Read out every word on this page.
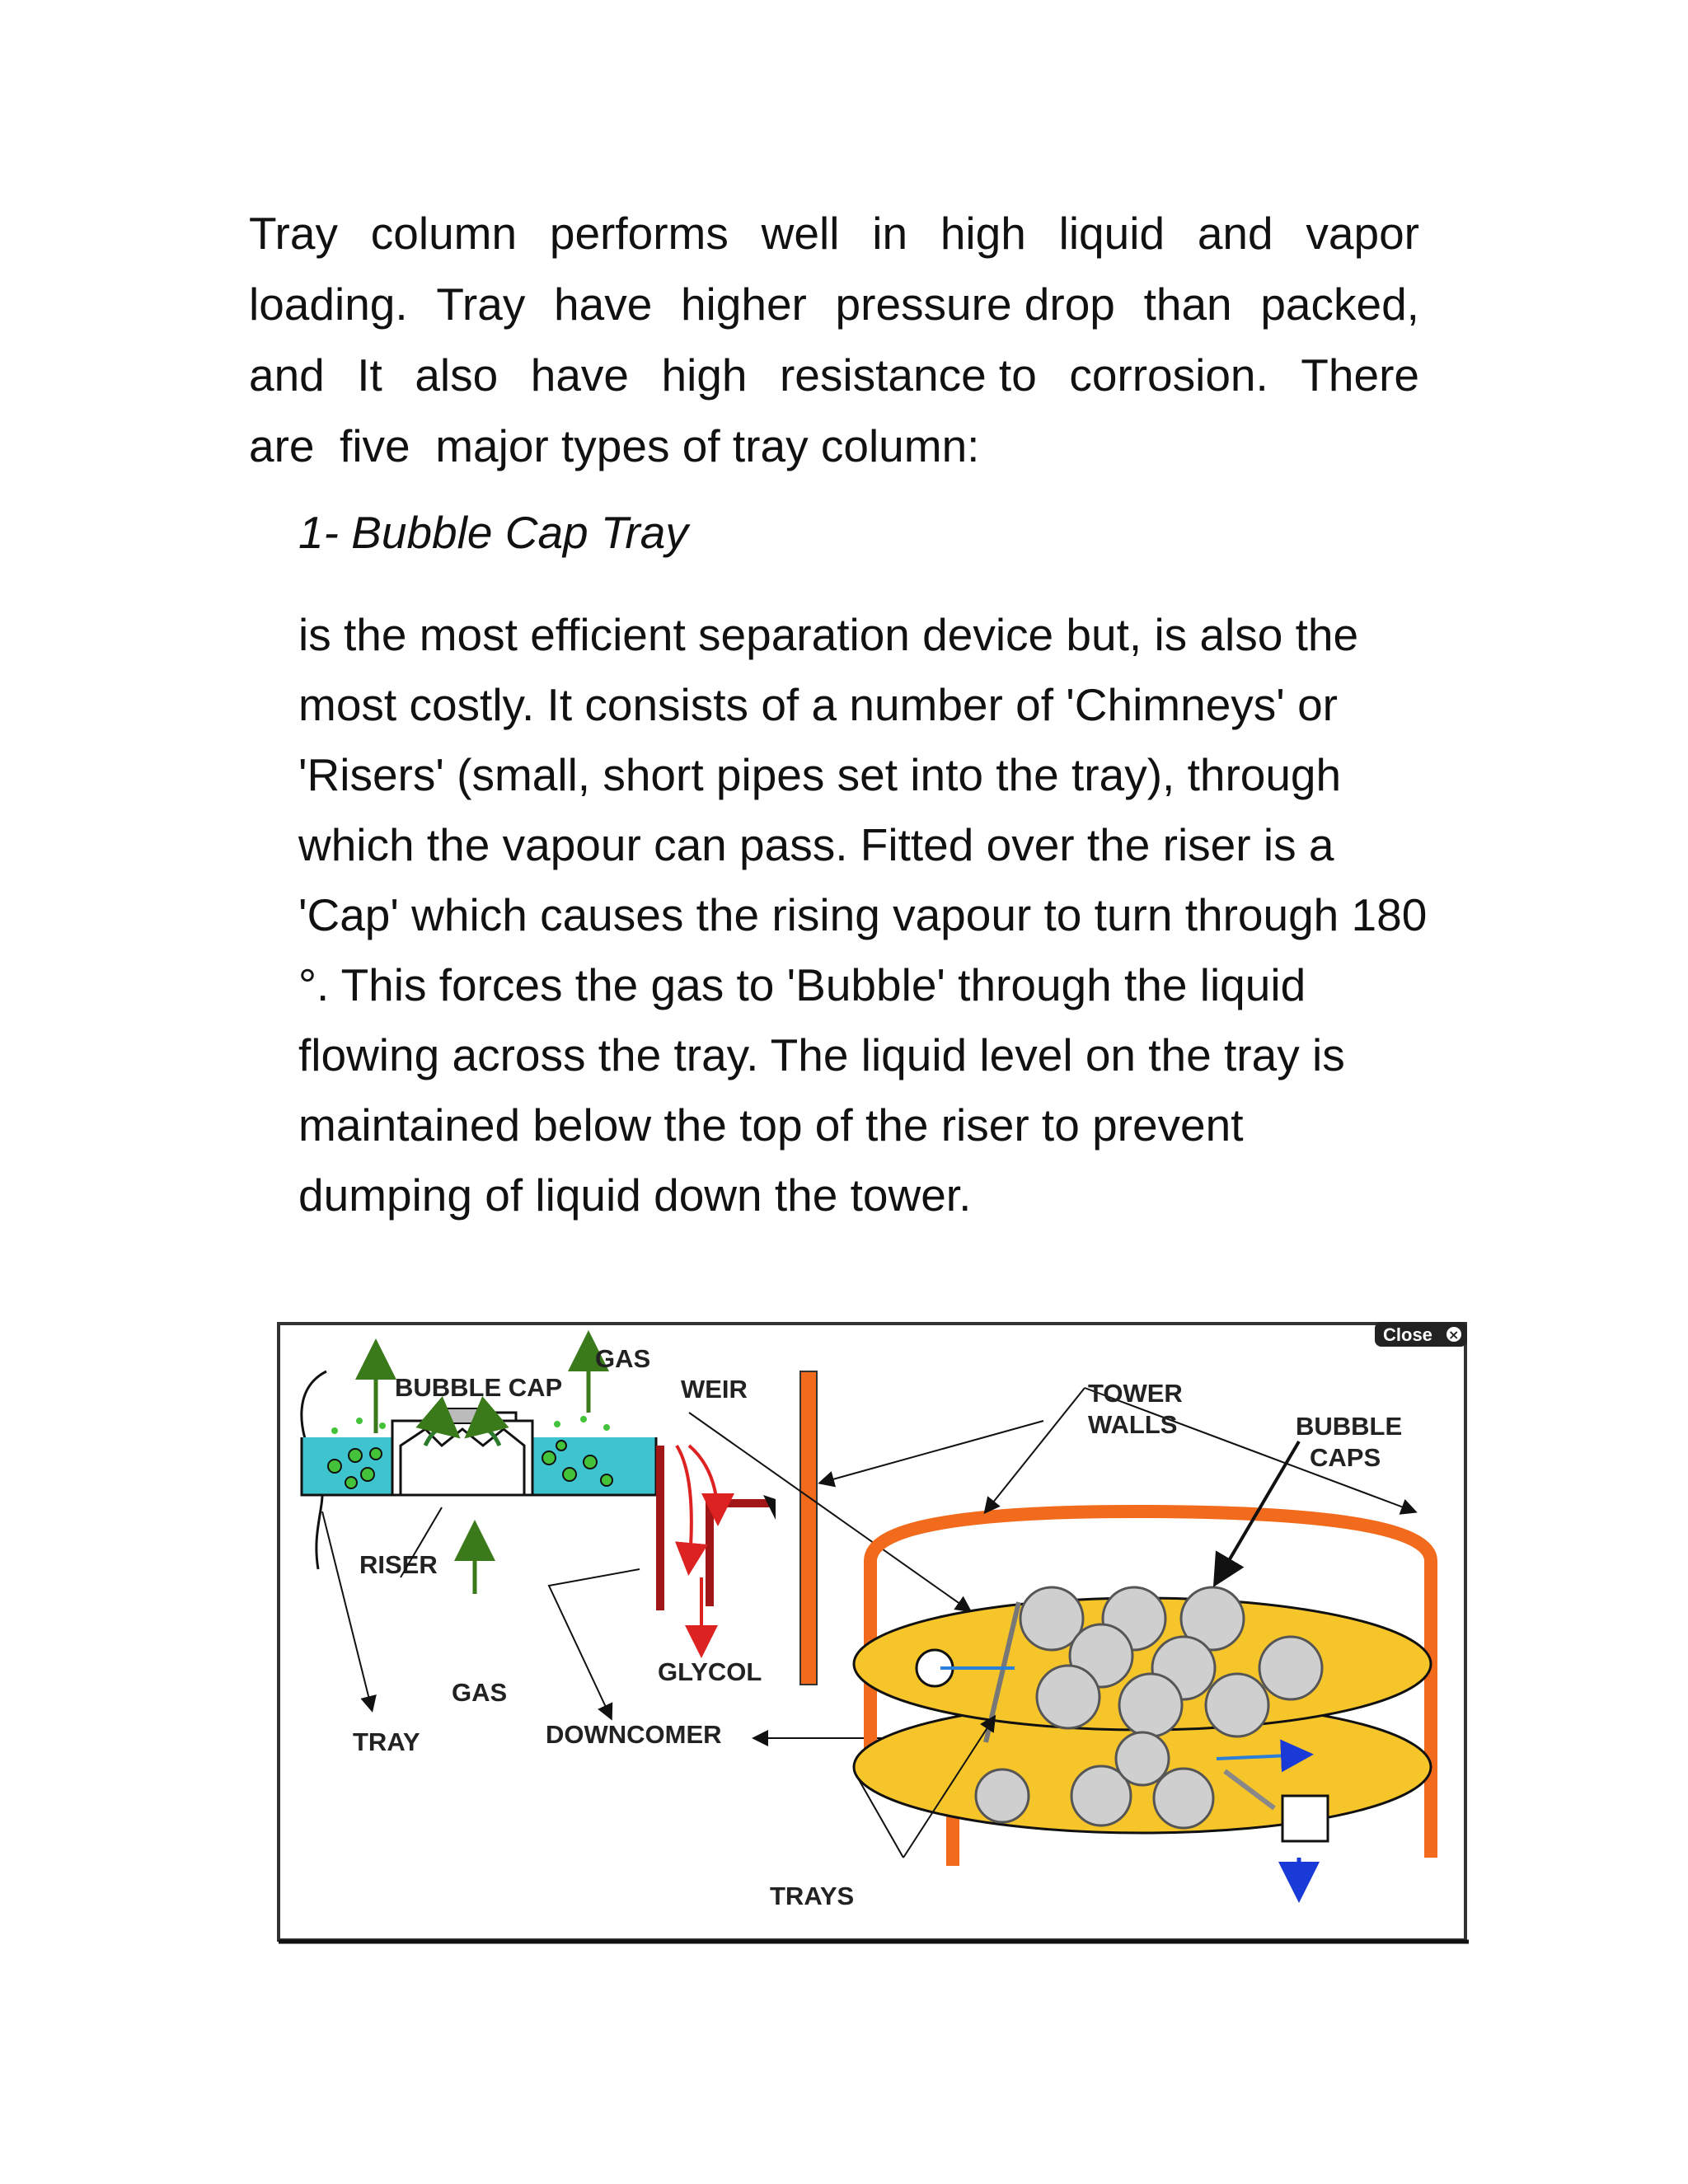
Tray column performs well in high liquid and vapor
loading. Tray have higher pressure drop than packed,
and It also have high resistance to corrosion. There
are  five  major types of tray column:
1- Bubble Cap Tray
is the most efficient separation device but, is also the
most costly. It consists of a number of 'Chimneys' or
'Risers' (small, short pipes set into the tray), through
which the vapour can pass. Fitted over the riser is a
'Cap' which causes the rising vapour to turn through 180
°. This forces the gas to 'Bubble' through the liquid
flowing across the tray. The liquid level on the tray is
maintained below the top of the riser to prevent
dumping of liquid down the tower.
Close ×
BUBBLE CAP
GAS
RISER
GAS
TRAY
WEIR
GLYCOL
DOWNCOMER
TOWER
WALLS	BUBBLE
CAPS
TRAYS
